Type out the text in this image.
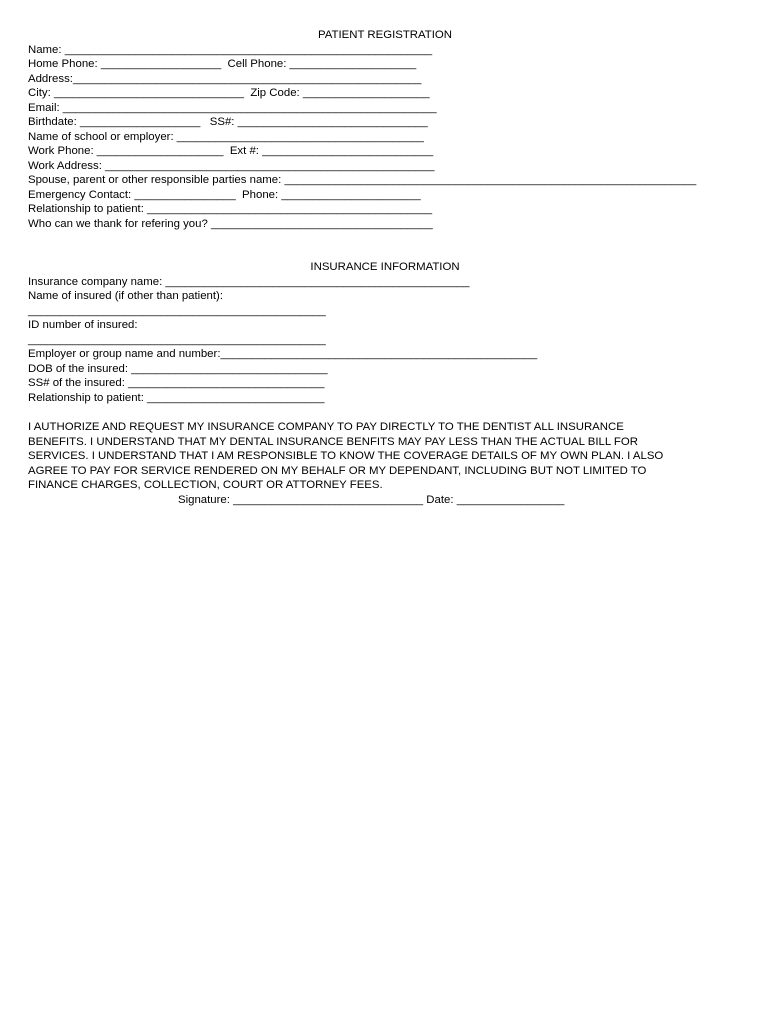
PATIENT REGISTRATION

Name: __________________________________________________________

Home Phone: ___________________  Cell Phone: ____________________

Address:_______________________________________________________

City: ______________________________  Zip Code: ____________________

Email: ___________________________________________________________

Birthdate: ___________________   SS#: ______________________________

Name of school or employer: _______________________________________

Work Phone: ____________________  Ext #: ___________________________

Work Address: ____________________________________________________

Spouse, parent or other responsible parties name: _________________________________________________________________

Emergency Contact: ________________  Phone: ______________________

Relationship to patient: _____________________________________________

Who can we thank for refering you? ___________________________________

INSURANCE INFORMATION

Insurance company name: ________________________________________________

Name of insured (if other than patient):

_______________________________________________

ID number of insured:

_______________________________________________

Employer or group name and number:__________________________________________________

DOB of the insured: _______________________________

SS# of the insured: _______________________________

Relationship to patient: ____________________________

I AUTHORIZE AND REQUEST MY INSURANCE COMPANY TO PAY DIRECTLY TO THE DENTIST ALL INSURANCE
BENEFITS. I UNDERSTAND THAT MY DENTAL INSURANCE BENFITS MAY PAY LESS THAN THE ACTUAL BILL FOR
SERVICES. I UNDERSTAND THAT I AM RESPONSIBLE TO KNOW THE COVERAGE DETAILS OF MY OWN PLAN. I ALSO
AGREE TO PAY FOR SERVICE RENDERED ON MY BEHALF OR MY DEPENDANT, INCLUDING BUT NOT LIMITED TO
FINANCE CHARGES, COLLECTION, COURT OR ATTORNEY FEES.

Signature: ______________________________ Date: _________________
